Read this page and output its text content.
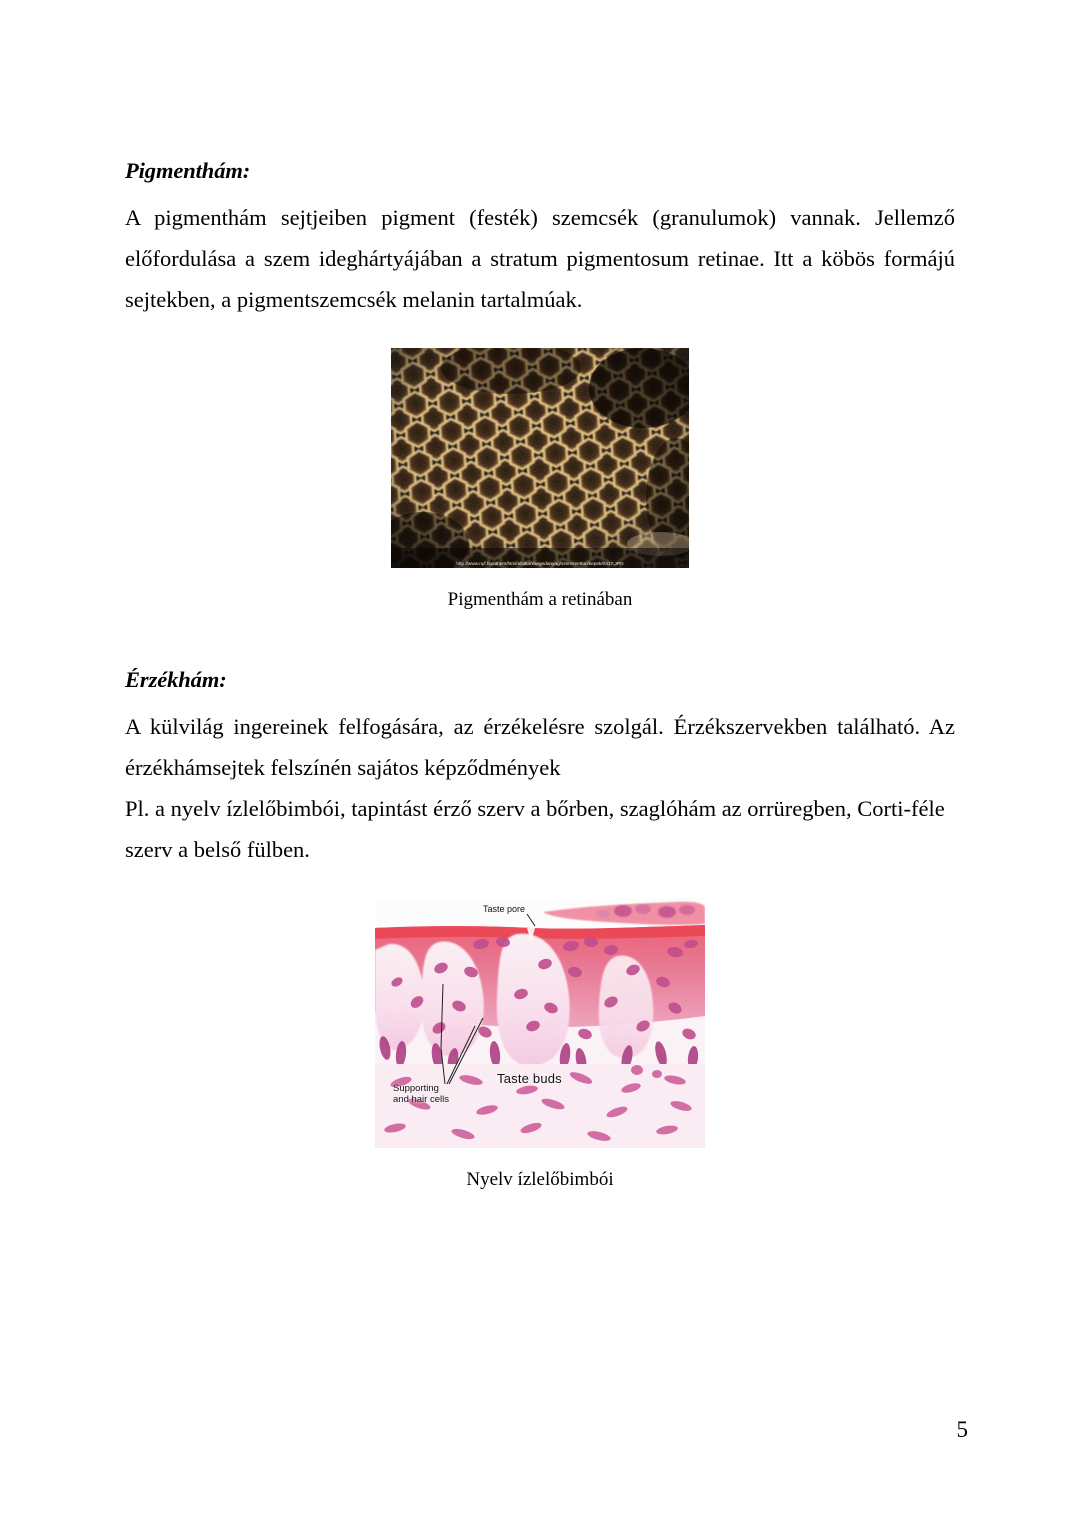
Pigmenthám:

A pigmenthám sejtjeiben pigment (festék) szemcsék (granulumok) vannak. Jellemző előfordulása a szem ideghártyájában a stratum pigmentosum retinae. Itt a köbös formájú sejtekben, a pigmentszemcsék melanin tartalmúak.

http://www.nyf.hu/others/html/allattan/segedanyag/szervezettan/kepek/0317.JPG
Pigmenthám a retinában
Érzékhám:

A külvilág ingereinek felfogására, az érzékelésre szolgál. Érzékszervekben található. Az érzékhámsejtek felszínén sajátos képződmények

Pl. a nyelv ízlelőbimbói, tapintást érző szerv a bőrben, szaglóhám az orrüregben, Corti-féle szerv a belső fülben.

Taste pore
Taste buds
Supporting
and hair cells
Nyelv ízlelőbimbói
5
